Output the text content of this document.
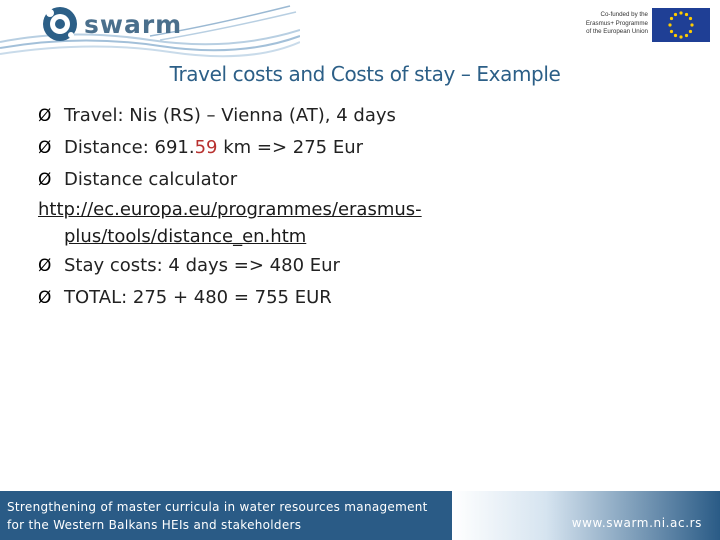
swarm	Co-funded by the
Erasmus+ Programme
of the European Union
Travel costs and Costs of stay – Example
Ø Travel: Nis (RS) – Vienna (AT), 4 days
Ø Distance: 691.59 km => 275 Eur
Ø Distance calculator
http://ec.europa.eu/programmes/erasmus-
plus/tools/distance_en.htm
Ø Stay costs: 4 days => 480 Eur
Ø TOTAL: 275 + 480 = 755 EUR
Strengthening of master curricula in water resources management
for the Western Balkans HEIs and stakeholders	www.swarm.ni.ac.rs
